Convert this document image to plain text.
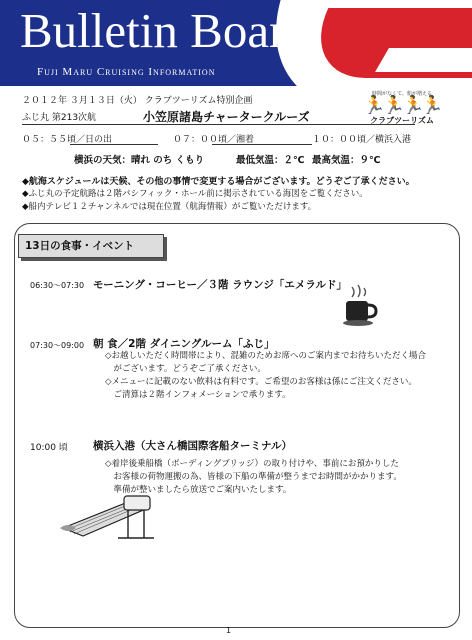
Bulletin Board
Fuji Maru Cruising Information
時間がなくて、船が増える
🏃🏃🏃🏃
クラブツーリズム
２０１２年 ３月１３日（火） クラブツーリズム特別企画
ふじ丸 第213次航	小笠原諸島チャータークルーズ
０５：５５頃／日の出	０７：００頃／湘着	１０：００頃／横浜入港
横浜の天気：晴れ のち くもり	最低気温：２℃ 最高気温：９℃
◆航海スケジュールは天候、その他の事情で変更する場合がございます。どうぞご了承ください。
◆ふじ丸の予定航路は２階パシフィック・ホール前に掲示されている海図をご覧ください。
◆船内テレビ１２チャンネルでは現在位置（航海情報）がご覧いただけます。
13日の食事・イベント
06:30〜07:30 モーニング・コーヒー／３階 ラウンジ「エメラルド」
07:30〜09:00 朝 食／2階 ダイニングルーム「ふじ」
◇お越しいただく時間帯により、混雑のためお席へのご案内までお待ちいただく場合
　がございます。どうぞご了承ください。
◇メニューに記載のない飲料は有料です。ご希望のお客様は係にご注文ください。
　ご清算は２階インフォメーションで承ります。
10:00 頃 横浜入港（大さん橋国際客船ターミナル）
◇着岸後乗船橋（ボーディングブリッジ）の取り付けや、事前にお預かりした
　お客様の荷物運搬の為、皆様の下船の準備が整うまでお時間がかかります。
　準備が整いましたら放送でご案内いたします。
1
